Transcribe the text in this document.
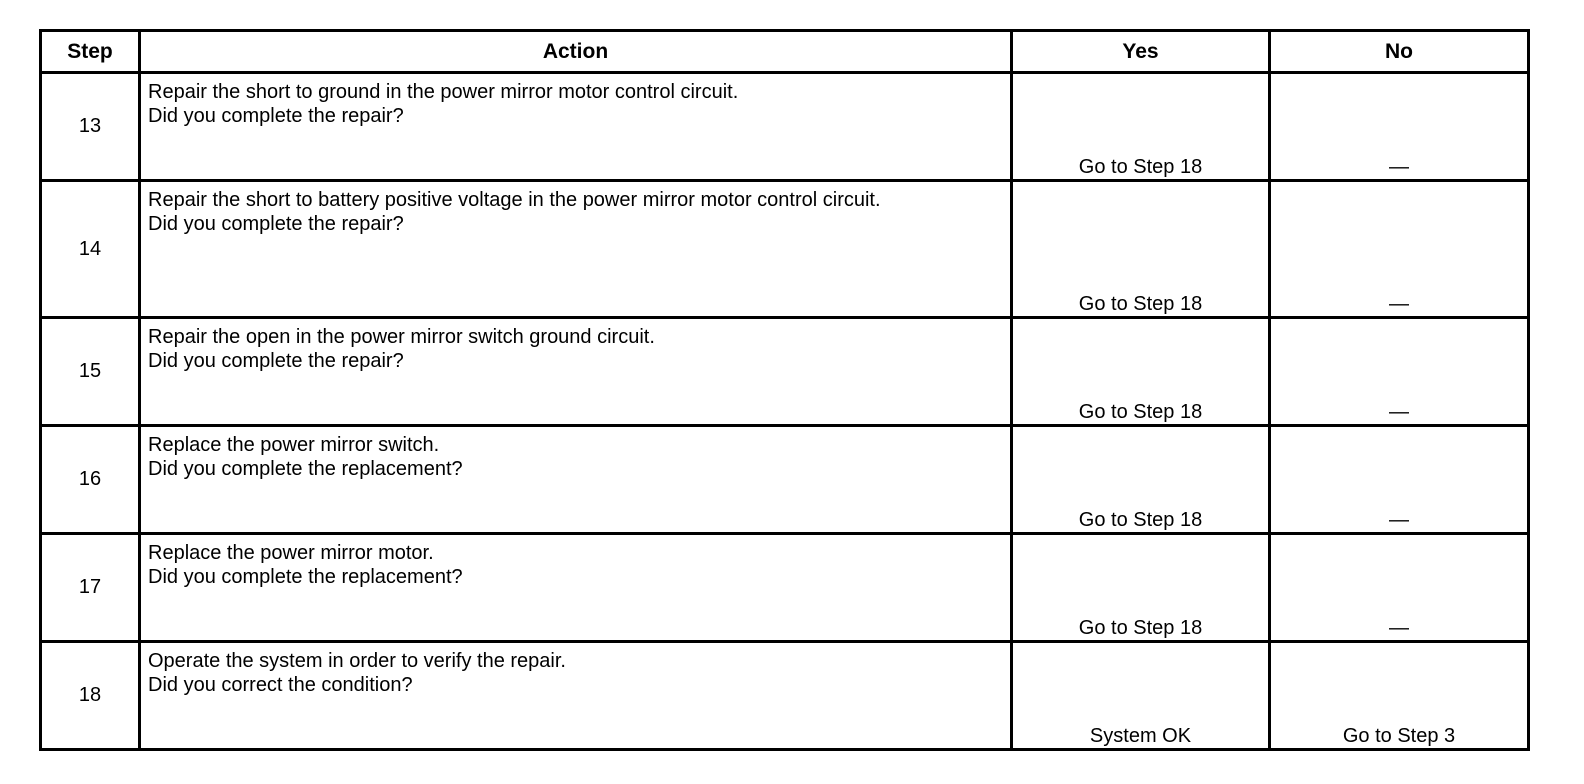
Step	Action	Yes	No
13	Repair the short to ground in the power mirror motor control circuit.
Did you complete the repair?	Go to Step 18	—
14	Repair the short to battery positive voltage in the power mirror motor control circuit.
Did you complete the repair?	Go to Step 18	—
15	Repair the open in the power mirror switch ground circuit.
Did you complete the repair?	Go to Step 18	—
16	Replace the power mirror switch.
Did you complete the replacement?	Go to Step 18	—
17	Replace the power mirror motor.
Did you complete the replacement?	Go to Step 18	—
18	Operate the system in order to verify the repair.
Did you correct the condition?	System OK	Go to Step 3
